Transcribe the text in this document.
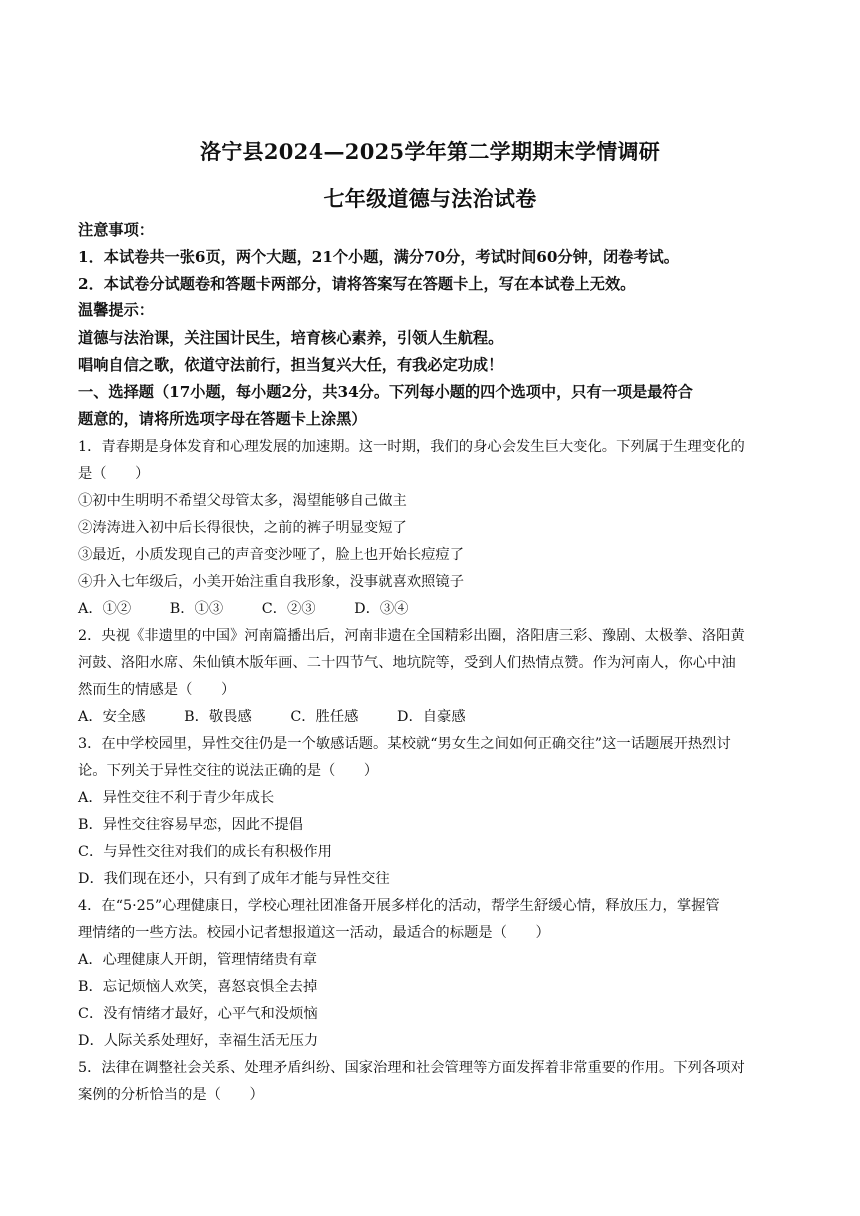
洛宁县2024—2025学年第二学期期末学情调研
七年级道德与法治试卷
注意事项：
1．本试卷共一张6页，两个大题，21个小题，满分70分，考试时间60分钟，闭卷考试。
2．本试卷分试题卷和答题卡两部分，请将答案写在答题卡上，写在本试卷上无效。
温馨提示：
道德与法治课，关注国计民生，培育核心素养，引领人生航程。
唱响自信之歌，依道守法前行，担当复兴大任，有我必定功成！
一、选择题（17小题，每小题2分，共34分。下列每小题的四个选项中，只有一项是最符合
题意的，请将所选项字母在答题卡上涂黑）
1．青春期是身体发育和心理发展的加速期。这一时期，我们的身心会发生巨大变化。下列属于生理变化的
是（　　）
①初中生明明不希望父母管太多，渴望能够自己做主
②涛涛进入初中后长得很快，之前的裤子明显变短了
③最近，小质发现自己的声音变沙哑了，脸上也开始长痘痘了
④升入七年级后，小美开始注重自我形象，没事就喜欢照镜子
A．①②	B．①③	C．②③	D．③④
2．央视《非遗里的中国》河南篇播出后，河南非遗在全国精彩出圈，洛阳唐三彩、豫剧、太极拳、洛阳黄
河鼓、洛阳水席、朱仙镇木版年画、二十四节气、地坑院等，受到人们热情点赞。作为河南人，你心中油
然而生的情感是（　　）
A．安全感	B．敬畏感	C．胜任感	D．自豪感
3．在中学校园里，异性交往仍是一个敏感话题。某校就“男女生之间如何正确交往”这一话题展开热烈讨
论。下列关于异性交往的说法正确的是（　　）
A．异性交往不利于青少年成长
B．异性交往容易早恋，因此不提倡
C．与异性交往对我们的成长有积极作用
D．我们现在还小，只有到了成年才能与异性交往
4．在“5·25”心理健康日，学校心理社团准备开展多样化的活动，帮学生舒缓心情，释放压力，掌握管
理情绪的一些方法。校园小记者想报道这一活动，最适合的标题是（　　）
A．心理健康人开朗，管理情绪贵有章
B．忘记烦恼人欢笑，喜怒哀惧全去掉
C．没有情绪才最好，心平气和没烦恼
D．人际关系处理好，幸福生活无压力
5．法律在调整社会关系、处理矛盾纠纷、国家治理和社会管理等方面发挥着非常重要的作用。下列各项对
案例的分析恰当的是（　　）
